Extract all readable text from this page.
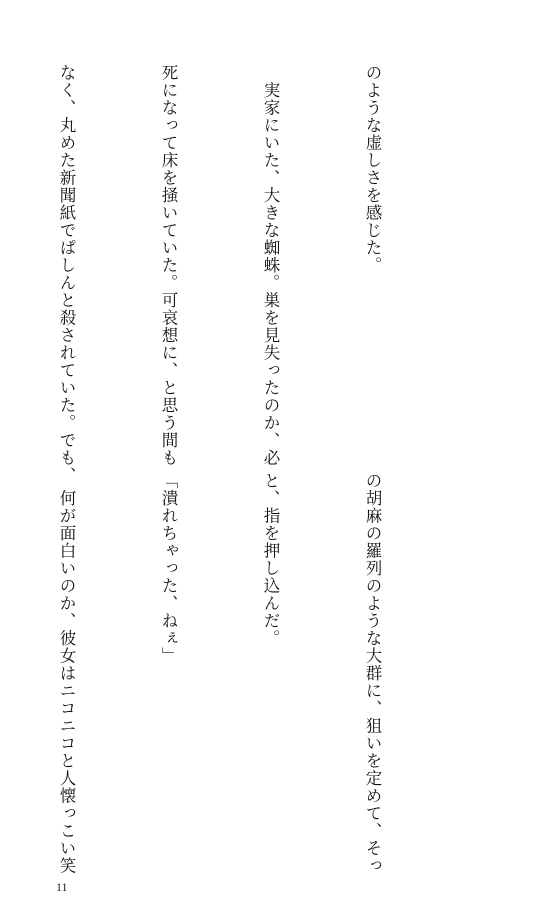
のような虚しさを感じた。

　実家にいた、大きな蜘蛛。巣を見失ったのか、必

死になって床を掻いていた。可哀想に、と思う間も

なく、丸めた新聞紙でぱしんと殺されていた。でも、

の胡麻の羅列のような大群に、狙いを定めて、そっ

と、指を押し込んだ。

「潰れちゃった、ねぇ」

　何が面白いのか、彼女はニコニコと人懐っこい笑

11
